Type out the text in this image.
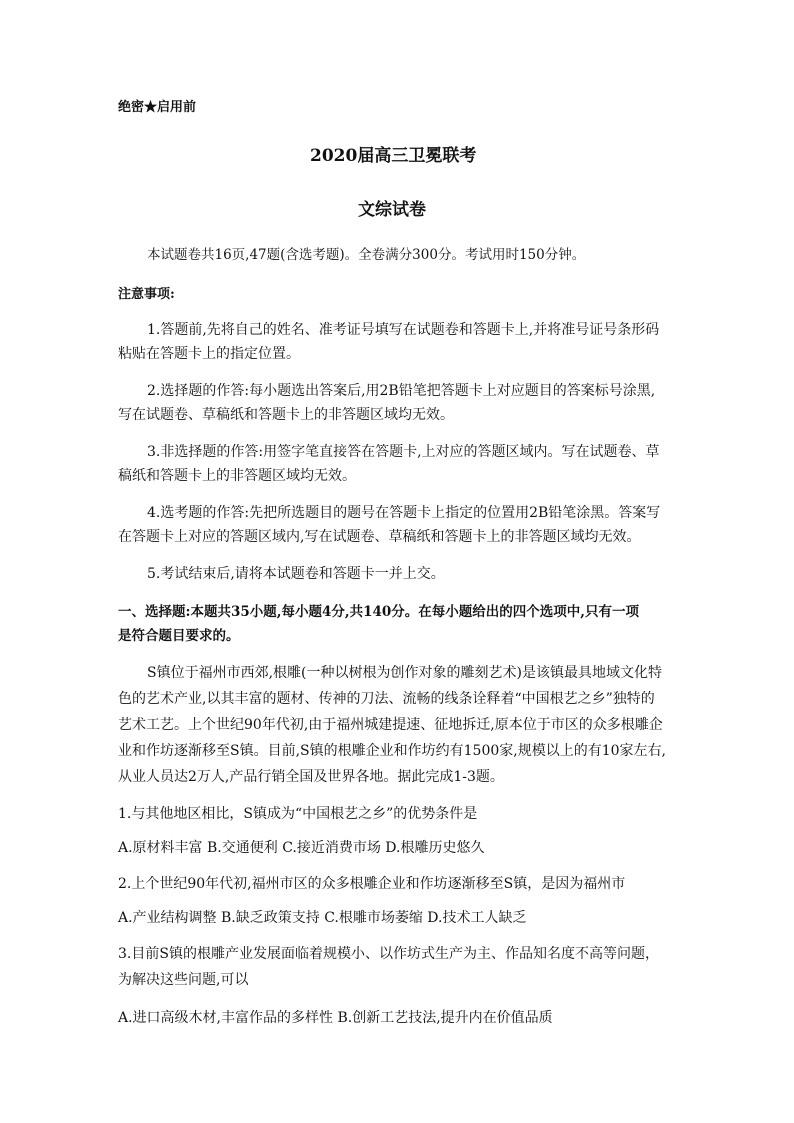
绝密★启用前
2020届高三卫冕联考
文综试卷
本试题卷共16页,47题(含选考题)。全卷满分300分。考试用时150分钟。
注意事项:
1.答题前,先将自己的姓名、准考证号填写在试题卷和答题卡上,并将准号证号条形码
粘贴在答题卡上的指定位置。
2.选择题的作答:每小题选出答案后,用2B铅笔把答题卡上对应题目的答案标号涂黑,
写在试题卷、草稿纸和答题卡上的非答题区域均无效。
3.非选择题的作答:用签字笔直接答在答题卡,上对应的答题区域内。写在试题卷、草
稿纸和答题卡上的非答题区域均无效。
4.选考题的作答:先把所选题目的题号在答题卡上指定的位置用2B铅笔涂黑。答案写
在答题卡上对应的答题区域内,写在试题卷、草稿纸和答题卡上的非答题区域均无效。
5.考试结束后,请将本试题卷和答题卡一并上交。
一、选择题:本题共35小题,每小题4分,共140分。在每小题给出的四个选项中,只有一项
是符合题目要求的。
S镇位于福州市西郊,根雕(一种以树根为创作对象的雕刻艺术)是该镇最具地域文化特
色的艺术产业,以其丰富的题材、传神的刀法、流畅的线条诠释着“中国根艺之乡”独特的
艺术工艺。上个世纪90年代初,由于福州城建提速、征地拆迁,原本位于市区的众多根雕企
业和作坊逐渐移至S镇。目前,S镇的根雕企业和作坊约有1500家,规模以上的有10家左右,
从业人员达2万人,产品行销全国及世界各地。据此完成1-3题。
1.与其他地区相比，S镇成为“中国根艺之乡”的优势条件是
A.原材料丰富 B.交通便利 C.接近消费市场 D.根雕历史悠久
2.上个世纪90年代初,福州市区的众多根雕企业和作坊逐渐移至S镇，是因为福州市
A.产业结构调整 B.缺乏政策支持 C.根雕市场萎缩 D.技术工人缺乏
3.目前S镇的根雕产业发展面临着规模小、以作坊式生产为主、作品知名度不高等问题，
为解决这些问题,可以
A.进口高级木材,丰富作品的多样性 B.创新工艺技法,提升内在价值品质
